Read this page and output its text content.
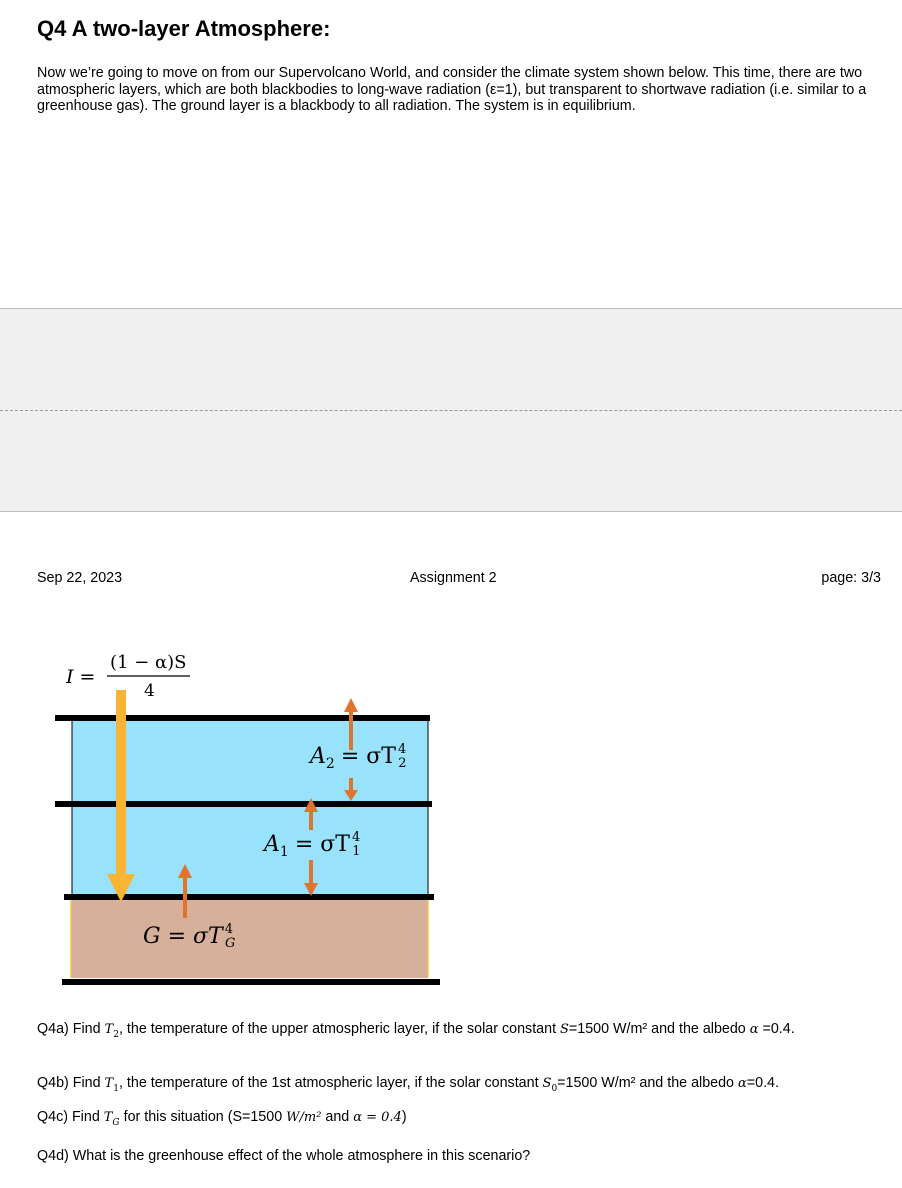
Q4 A two-layer Atmosphere:

Now we’re going to move on from our Supervolcano World, and consider the climate system shown below. This time, there are two atmospheric layers, which are both blackbodies to long-wave radiation (ε=1), but transparent to shortwave radiation (i.e. similar to a greenhouse gas). The ground layer is a blackbody to all radiation. The system is in equilibrium.

Sep 22, 2023	Assignment 2	page: 3/3
I =
(1 − α)S
4
$A_2 = \sigma T$ $^4$ 2
$A_1 = \sigma T$ $^4$ 1
G = σT $^4$ G

Q4a) Find $T_2$, the temperature of the upper atmospheric layer, if the solar constant S=1500 W/m² and the albedo α =0.4.

Q4b) Find $T_1$, the temperature of the 1st atmospheric layer, if the solar constant $S_0=1500$ W/m² and the albedo α=0.4.

Q4c) Find $T_G$ for this situation (S=1500 W/m² and α = 0.4)

Q4d) What is the greenhouse effect of the whole atmosphere in this scenario?
